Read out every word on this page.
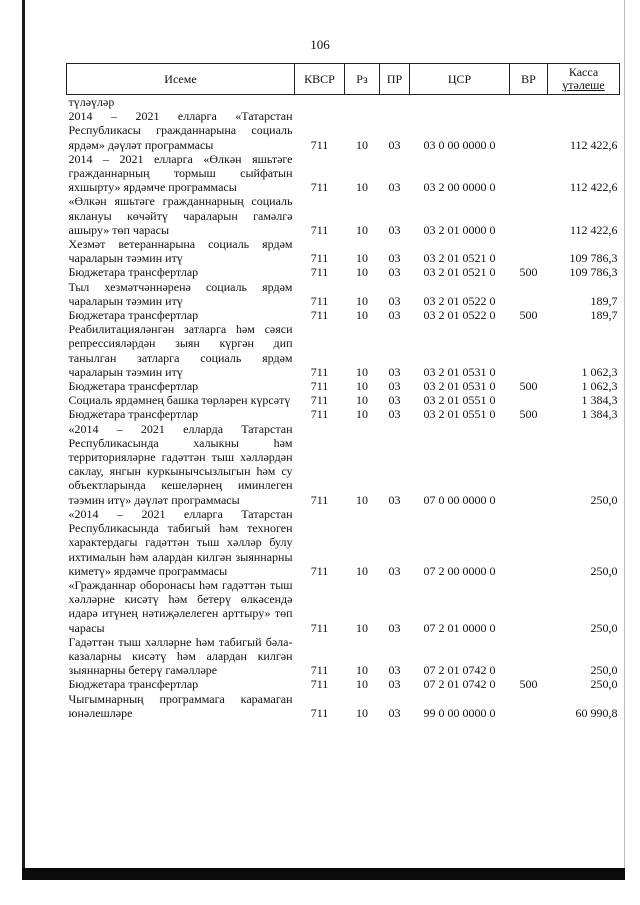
106
Исеме	КВСР	Рз	ПР	ЦСР	ВР	Касса
үтәлеше

түләүләр						
2014 – 2021 елларга «Татарстан Республикасы гражданнарына социаль ярдәм» дәүләт программасы	711	10	03	03 0 00 0000 0		112 422,6
2014 – 2021 елларга «Өлкән яшьтәге гражданнарның тормыш сыйфатын яхшырту» ярдәмче программасы	711	10	03	03 2 00 0000 0		112 422,6
«Өлкән яшьтәге гражданнарның социаль яклануы көчәйтү чараларын гамәлгә ашыру» төп чарасы	711	10	03	03 2 01 0000 0		112 422,6
Хезмәт ветераннарына социаль ярдәм чараларын тәэмин итү	711	10	03	03 2 01 0521 0		109 786,3
Бюджетара трансфертлар	711	10	03	03 2 01 0521 0	500	109 786,3
Тыл хезмәтчәннәренә социаль ярдәм чараларын тәэмин итү	711	10	03	03 2 01 0522 0		189,7
Бюджетара трансфертлар	711	10	03	03 2 01 0522 0	500	189,7
Реабилитацияләнгән затларга һәм сәяси репрессияләрдән зыян күргән дип танылган затларга социаль ярдәм чараларын тәэмин итү	711	10	03	03 2 01 0531 0		1 062,3
Бюджетара трансфертлар	711	10	03	03 2 01 0531 0	500	1 062,3
Социаль ярдәмнең башка төрләрен күрсәтү	711	10	03	03 2 01 0551 0		1 384,3
Бюджетара трансфертлар	711	10	03	03 2 01 0551 0	500	1 384,3
«2014 – 2021 елларда Татарстан Республикасында халыкны һәм территорияләрне гадәттән тыш хәлләрдән саклау, янгын куркынычсызлыгын һәм су объектларында кешеләрнең иминлеген тәэмин итү» дәүләт программасы	711	10	03	07 0 00 0000 0		250,0
«2014 – 2021 елларга Татарстан Республикасында табигый һәм техноген характердагы гадәттән тыш хәлләр булу ихтималын һәм алардан килгән зыяннарны киметү» ярдәмче программасы	711	10	03	07 2 00 0000 0		250,0
«Гражданнар оборонасы һәм гадәттән тыш хәлләрне кисәтү һәм бетерү өлкәсендә идарә итүнең нәтиҗәлелеген арттыру» төп чарасы	711	10	03	07 2 01 0000 0		250,0
Гадәттән тыш хәлләрне һәм табигый бәла-казаларны кисәтү һәм алардан килгән зыяннарны бетерү гамәлләре	711	10	03	07 2 01 0742 0		250,0
Бюджетара трансфертлар	711	10	03	07 2 01 0742 0	500	250,0
Чыгымнарның программага карамаган юнәлешләре	711	10	03	99 0 00 0000 0		60 990,8
